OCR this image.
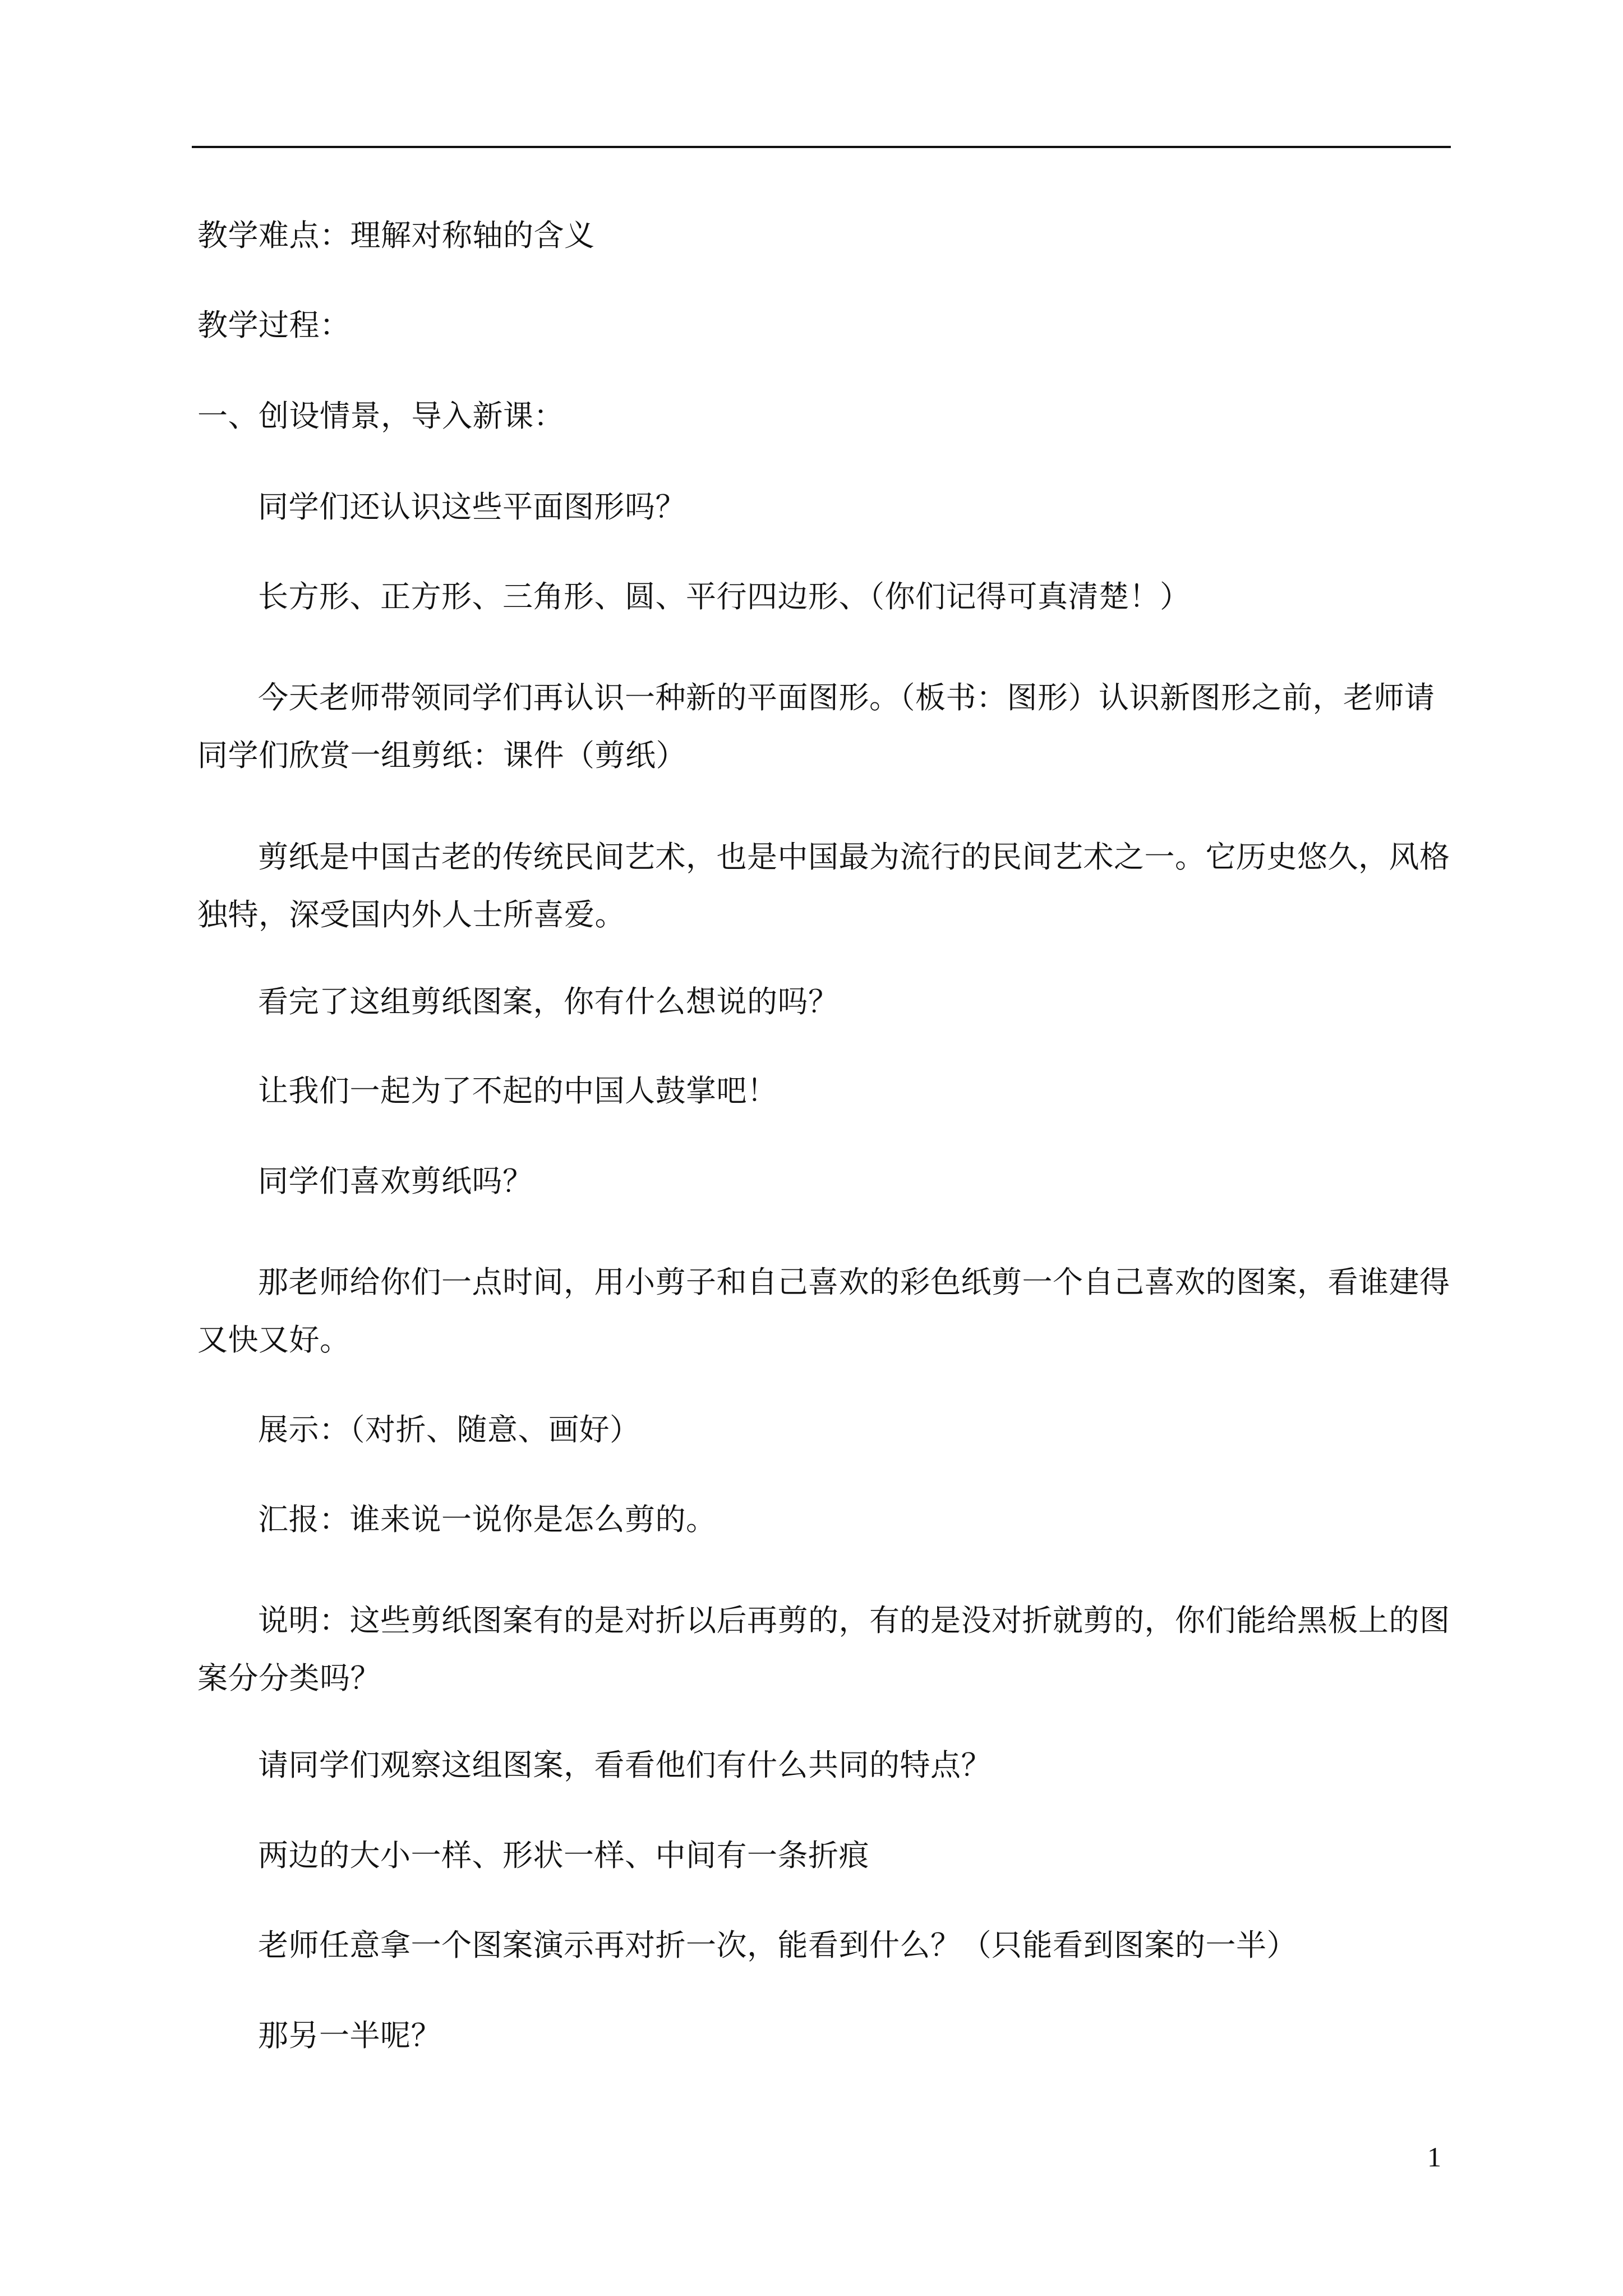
教学难点：理解对称轴的含义

教学过程：

一、创设情景，导入新课：

同学们还认识这些平面图形吗？

长方形、正方形、三角形、圆、平行四边形、（你们记得可真清楚！）

今天老师带领同学们再认识一种新的平面图形。（板书：图形）认识新图形之前，老师请同学们欣赏一组剪纸：课件（剪纸）

剪纸是中国古老的传统民间艺术，也是中国最为流行的民间艺术之一。它历史悠久，风格独特，深受国内外人士所喜爱。

看完了这组剪纸图案，你有什么想说的吗？

让我们一起为了不起的中国人鼓掌吧！

同学们喜欢剪纸吗？

那老师给你们一点时间，用小剪子和自己喜欢的彩色纸剪一个自己喜欢的图案，看谁建得又快又好。

展示：（对折、随意、画好）

汇报：谁来说一说你是怎么剪的。

说明：这些剪纸图案有的是对折以后再剪的，有的是没对折就剪的，你们能给黑板上的图案分分类吗？

请同学们观察这组图案，看看他们有什么共同的特点？

两边的大小一样、形状一样、中间有一条折痕

老师任意拿一个图案演示再对折一次，能看到什么？（只能看到图案的一半）

那另一半呢？

1
